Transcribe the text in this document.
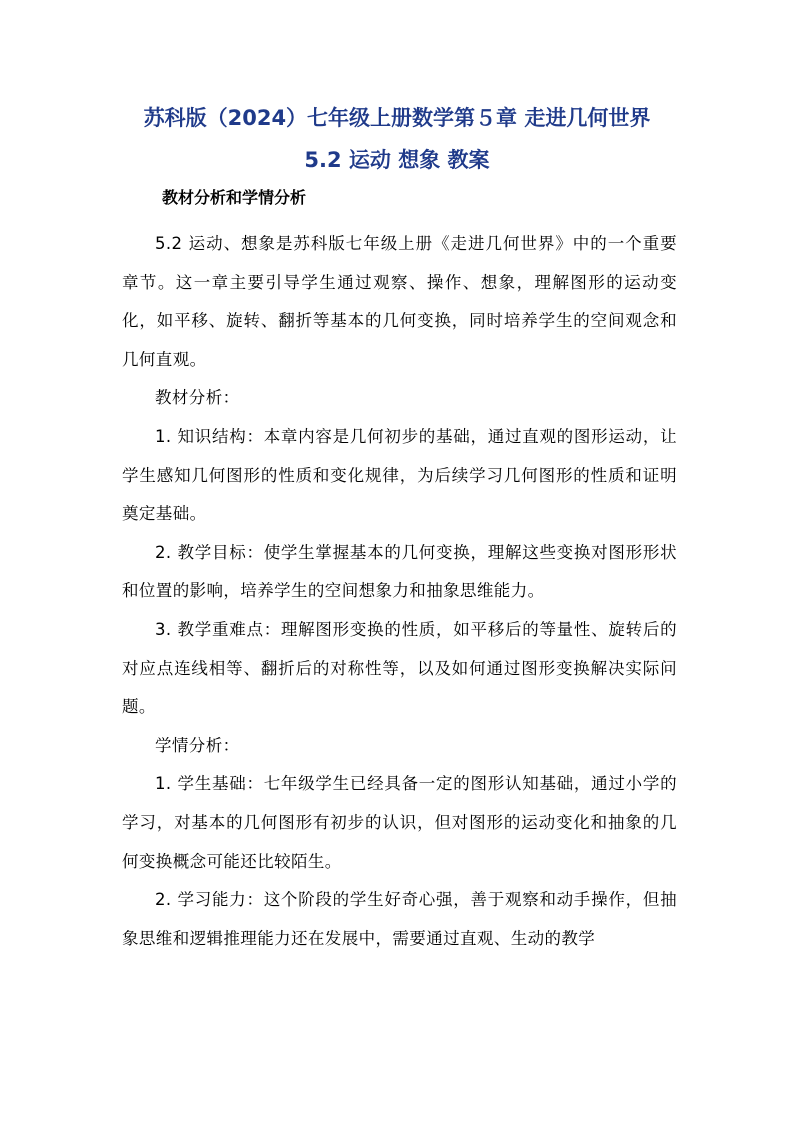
苏科版（2024）七年级上册数学第５章 走进几何世界
5.2 运动 想象 教案
教材分析和学情分析

5.2 运动、想象是苏科版七年级上册《走进几何世界》中的一个重要章节。这一章主要引导学生通过观察、操作、想象，理解图形的运动变化，如平移、旋转、翻折等基本的几何变换，同时培养学生的空间观念和几何直观。

教材分析：

1. 知识结构：本章内容是几何初步的基础，通过直观的图形运动，让学生感知几何图形的性质和变化规律，为后续学习几何图形的性质和证明奠定基础。

2. 教学目标：使学生掌握基本的几何变换，理解这些变换对图形形状和位置的影响，培养学生的空间想象力和抽象思维能力。

3. 教学重难点：理解图形变换的性质，如平移后的等量性、旋转后的对应点连线相等、翻折后的对称性等，以及如何通过图形变换解决实际问题。

学情分析：

1. 学生基础：七年级学生已经具备一定的图形认知基础，通过小学的学习，对基本的几何图形有初步的认识，但对图形的运动变化和抽象的几何变换概念可能还比较陌生。

2. 学习能力：这个阶段的学生好奇心强，善于观察和动手操作，但抽象思维和逻辑推理能力还在发展中，需要通过直观、生动的教学
